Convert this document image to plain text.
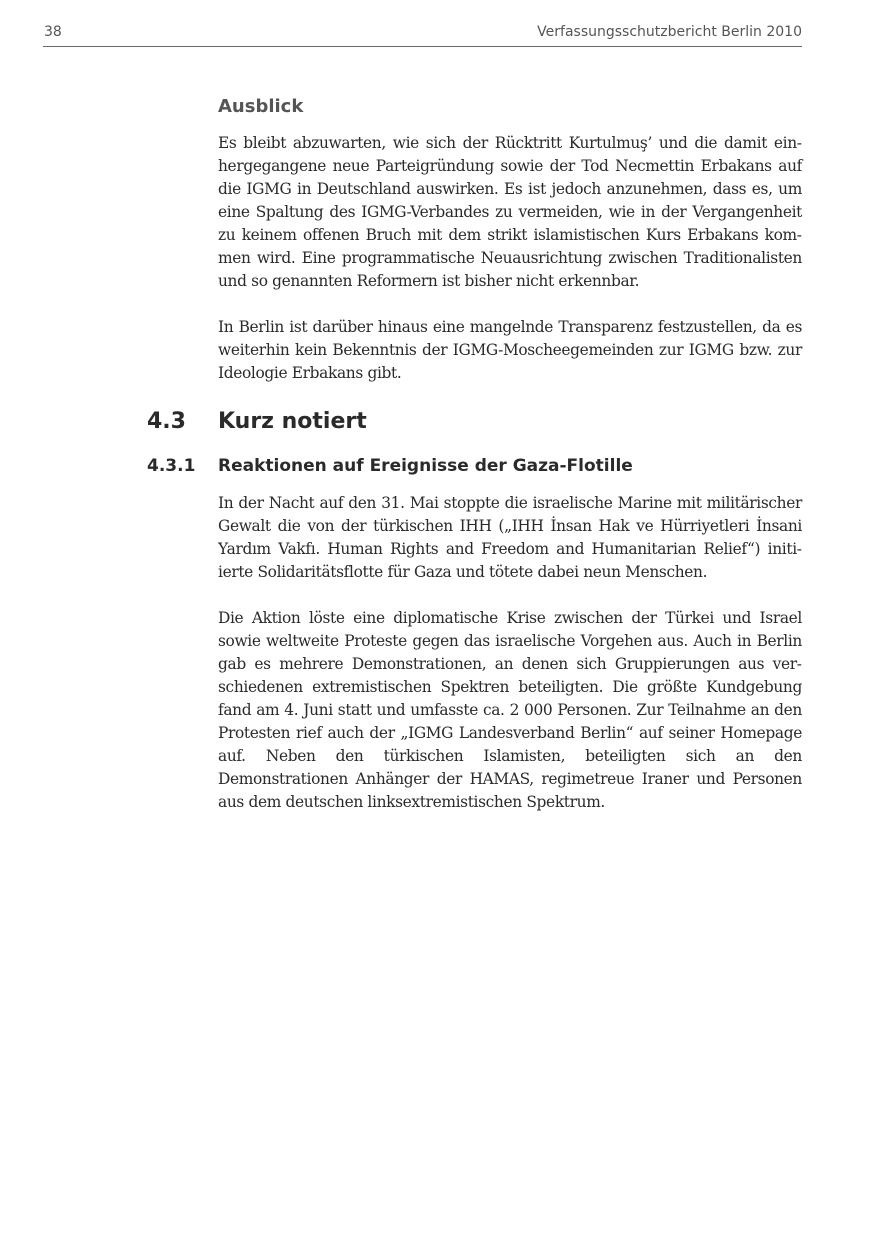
38	Verfassungsschutzbericht Berlin 2010
Ausblick

Es bleibt abzuwarten, wie sich der Rücktritt Kurtulmuş’ und die damit einhergegangene neue Parteigründung sowie der Tod Necmettin Erbakans auf die IGMG in Deutschland auswirken. Es ist jedoch anzunehmen, dass es, um eine Spaltung des IGMG-Verbandes zu vermeiden, wie in der Vergangenheit zu keinem offenen Bruch mit dem strikt islamistischen Kurs Erbakans kommen wird. Eine programmatische Neuausrichtung zwischen Traditionalisten und so genannten Reformern ist bisher nicht erkennbar.

In Berlin ist darüber hinaus eine mangelnde Transparenz festzustellen, da es weiterhin kein Bekenntnis der IGMG-Moscheegemeinden zur IGMG bzw. zur Ideologie Erbakans gibt.

4.3 Kurz notiert
4.3.1 Reaktionen auf Ereignisse der Gaza-Flotille

In der Nacht auf den 31. Mai stoppte die israelische Marine mit militärischer Gewalt die von der türkischen IHH („IHH İnsan Hak ve Hürriyetleri İnsani Yardım Vakfı. Human Rights and Freedom and Humanitarian Relief“) initiierte Solidaritätsflotte für Gaza und tötete dabei neun Menschen.

Die Aktion löste eine diplomatische Krise zwischen der Türkei und Israel sowie weltweite Proteste gegen das israelische Vorgehen aus. Auch in Berlin gab es mehrere Demonstrationen, an denen sich Gruppierungen aus verschiedenen extremistischen Spektren beteiligten. Die größte Kundgebung fand am 4. Juni statt und umfasste ca. 2 000 Personen. Zur Teilnahme an den Protesten rief auch der „IGMG Landesverband Berlin“ auf seiner Homepage auf. Neben den türkischen Islamisten, beteiligten sich an den Demonstrationen Anhänger der HAMAS, regimetreue Iraner und Personen aus dem deutschen linksextremistischen Spektrum.
